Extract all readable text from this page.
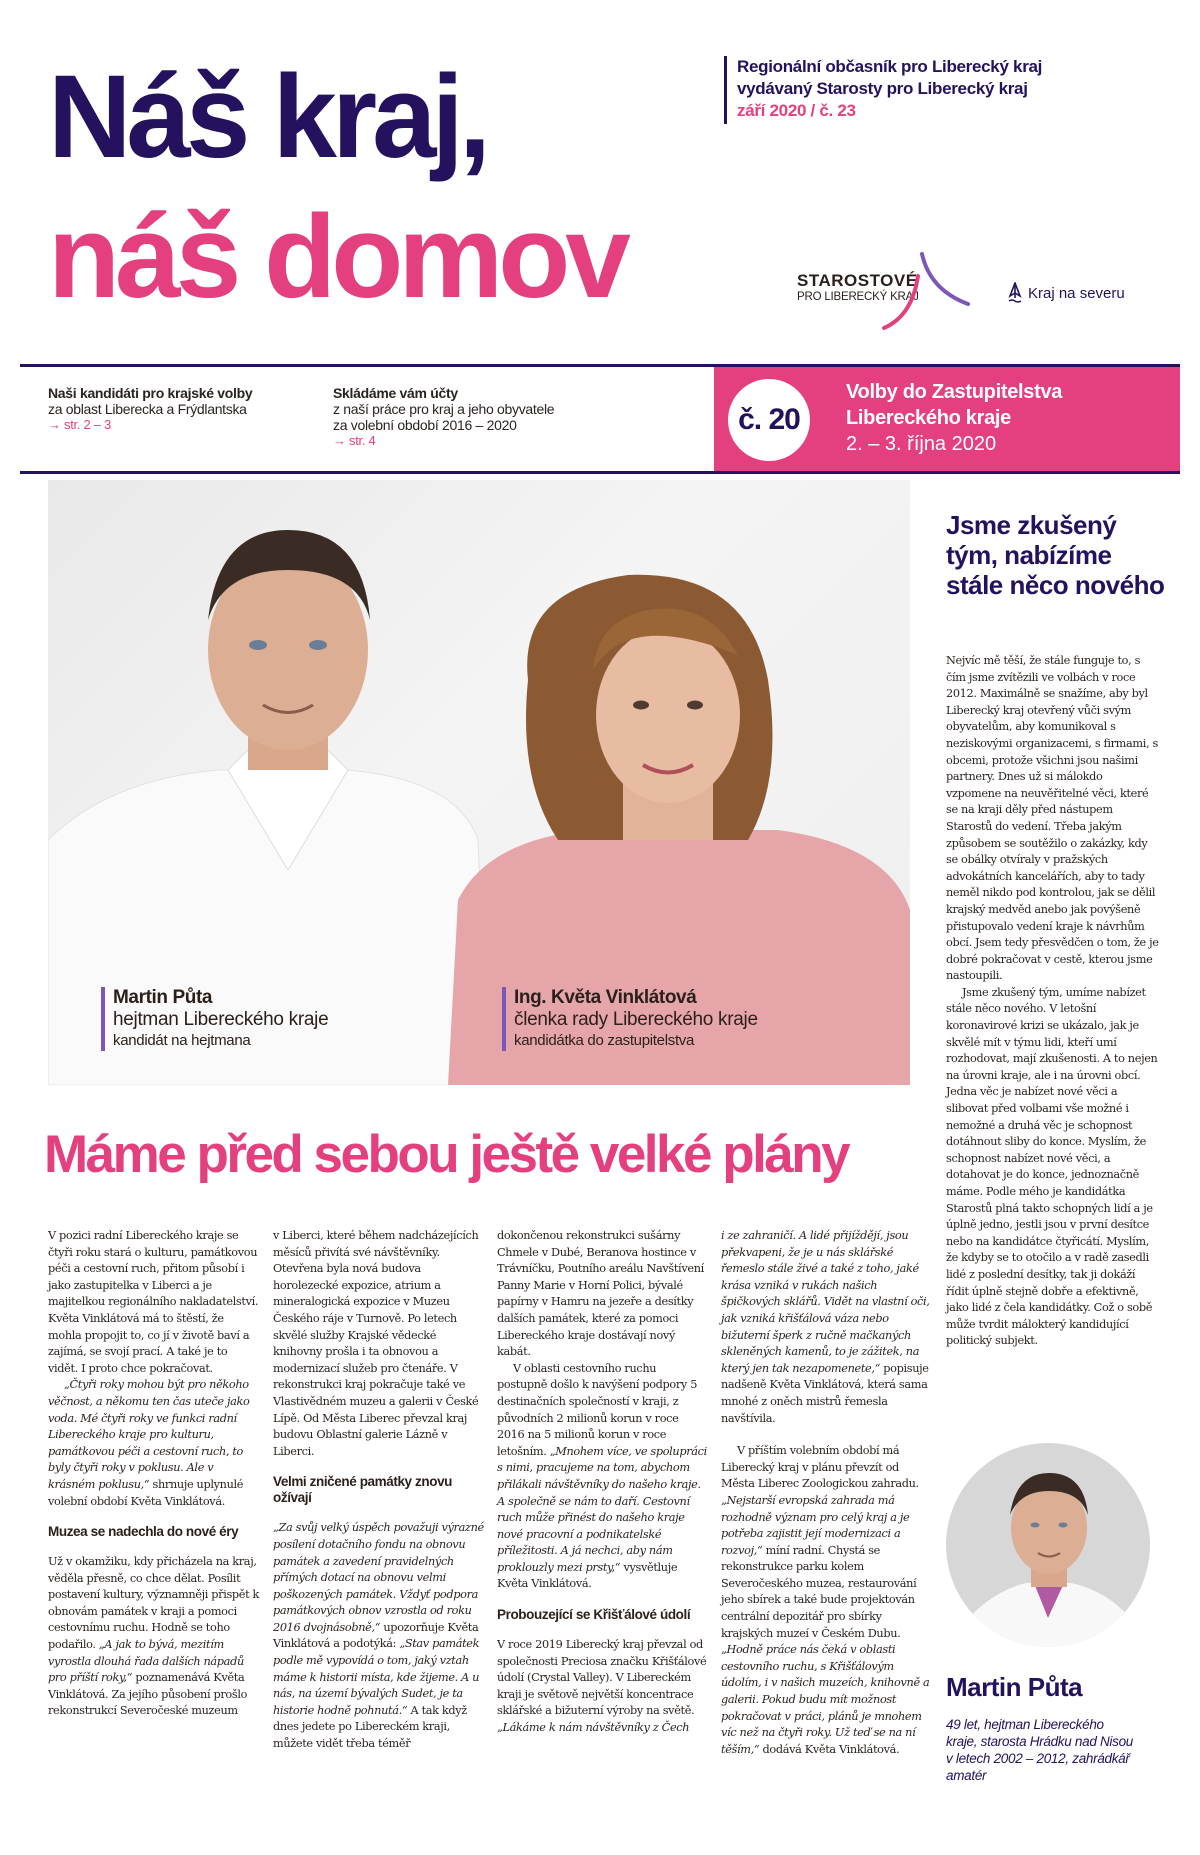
Náš kraj,
náš domov
Regionální občasník pro Liberecký kraj
vydávaný Starosty pro Liberecký kraj
září 2020 / č. 23
STAROSTOVÉ
PRO LIBERECKÝ KRAJ	Kraj na severu
Naši kandidáti pro krajské volby
za oblast Liberecka a Frýdlantska
→ str. 2 – 3
Skládáme vám účty
z naší práce pro kraj a jeho obyvatele
za volební období 2016 – 2020
→ str. 4
č. 20
Volby do Zastupitelstva
Libereckého kraje
2. – 3. října 2020
Martin Půta
hejtman Libereckého kraje
kandidát na hejtmana
Ing. Květa Vinklátová
členka rady Libereckého kraje
kandidátka do zastupitelstva
Jsme zkušený tým, nabízíme stále něco nového

Nejvíc mě těší, že stále funguje to, s čím jsme zvítězili ve volbách v roce 2012. Maximálně se snažíme, aby byl Liberecký kraj otevřený vůči svým obyvatelům, aby komunikoval s neziskovými organizacemi, s firmami, s obcemi, protože všichni jsou našimi partnery. Dnes už si málokdo vzpomene na neuvěřitelné věci, které se na kraji děly před nástupem Starostů do vedení. Třeba jakým způsobem se soutěžilo o zakázky, kdy se obálky otvíraly v pražských advokátních kancelářích, aby to tady neměl nikdo pod kontrolou, jak se dělil krajský medvěd anebo jak povýšeně přistupovalo vedení kraje k návrhům obcí. Jsem tedy přesvědčen o tom, že je dobré pokračovat v cestě, kterou jsme nastoupili.

Jsme zkušený tým, umíme nabízet stále něco nového. V letošní koronavirové krizi se ukázalo, jak je skvělé mít v týmu lidi, kteří umí rozhodovat, mají zkušenosti. A to nejen na úrovni kraje, ale i na úrovni obcí. Jedna věc je nabízet nové věci a slibovat před volbami vše možné i nemožné a druhá věc je schopnost dotáhnout sliby do konce. Myslím, že schopnost nabízet nové věci, a dotahovat je do konce, jednoznačně máme. Podle mého je kandidátka Starostů plná takto schopných lidí a je úplně jedno, jestli jsou v první desítce nebo na kandidátce čtyřicátí. Myslím, že kdyby se to otočilo a v radě zasedli lidé z poslední desítky, tak ji dokáží řídit úplně stejně dobře a efektivně, jako lidé z čela kandidátky. Což o sobě může tvrdit málokterý kandidující politický subjekt.

Martin Půta
49 let, hejtman Libereckého kraje, starosta Hrádku nad Nisou v letech 2002 – 2012, zahrádkář amatér
Máme před sebou ještě velké plány

V pozici radní Libereckého kraje se čtyři roku stará o kulturu, památkovou péči a cestovní ruch, přitom působí i jako zastupitelka v Liberci a je majitelkou regionálního nakladatelství. Květa Vinklátová má to štěstí, že mohla propojit to, co jí v životě baví a zajímá, se svojí prací. A také je to vidět. I proto chce pokračovat.

„Čtyři roky mohou být pro někoho věčnost, a někomu ten čas uteče jako voda. Mé čtyři roky ve funkci radní Libereckého kraje pro kulturu, památkovou péči a cestovní ruch, to byly čtyři roky v poklusu. Ale v krásném poklusu,“ shrnuje uplynulé volební období Květa Vinklátová.

Muzea se nadechla do nové éry

Už v okamžiku, kdy přicházela na kraj, věděla přesně, co chce dělat. Posílit postavení kultury, významněji přispět k obnovám památek v kraji a pomoci cestovnímu ruchu. Hodně se toho podařilo. „A jak to bývá, mezitím vyrostla dlouhá řada dalších nápadů pro příští roky,“ poznamenává Květa Vinklátová. Za jejího působení prošlo rekonstrukcí Severočeské muzeum

v Liberci, které během nadcházejících měsíců přivítá své návštěvníky. Otevřena byla nová budova horolezecké expozice, atrium a mineralogická expozice v Muzeu Českého ráje v Turnově. Po letech skvělé služby Krajské vědecké knihovny prošla i ta obnovou a modernizací služeb pro čtenáře. V rekonstrukci kraj pokračuje také ve Vlastivědném muzeu a galerii v České Lípě. Od Města Liberec převzal kraj budovu Oblastní galerie Lázně v Liberci.

Velmi zničené památky znovu ožívají

„Za svůj velký úspěch považuji výrazné posílení dotačního fondu na obnovu památek a zavedení pravidelných přímých dotací na obnovu velmi poškozených památek. Vždyť podpora památkových obnov vzrostla od roku 2016 dvojnásobně,“ upozorňuje Květa Vinklátová a podotýká: „Stav památek podle mě vypovídá o tom, jaký vztah máme k historii místa, kde žijeme. A u nás, na území bývalých Sudet, je ta historie hodně pohnutá.“ A tak když dnes jedete po Libereckém kraji, můžete vidět třeba téměř

dokončenou rekonstrukci sušárny Chmele v Dubé, Beranova hostince v Trávníčku, Poutního areálu Navštívení Panny Marie v Horní Polici, bývalé papírny v Hamru na jezeře a desítky dalších památek, které za pomoci Libereckého kraje dostávají nový kabát.

V oblasti cestovního ruchu postupně došlo k navýšení podpory 5 destinačních společností v kraji, z původních 2 milionů korun v roce 2016 na 5 milionů korun v roce letošním. „Mnohem více, ve spolupráci s nimi, pracujeme na tom, abychom přilákali návštěvníky do našeho kraje. A společně se nám to daří. Cestovní ruch může přinést do našeho kraje nové pracovní a podnikatelské příležitosti. A já nechci, aby nám proklouzly mezi prsty,“ vysvětluje Květa Vinklátová.

Probouzející se Křišťálové údolí

V roce 2019 Liberecký kraj převzal od společnosti Preciosa značku Křišťálové údolí (Crystal Valley). V Libereckém kraji je světově největší koncentrace sklářské a bižuterní výroby na světě. „Lákáme k nám návštěvníky z Čech

i ze zahraničí. A lidé přijíždějí, jsou překvapeni, že je u nás sklářské řemeslo stále živé a také z toho, jaké krása vzniká v rukách našich špičkových sklářů. Vidět na vlastní oči, jak vzniká křišťálová váza nebo bižuterní šperk z ručně mačkaných skleněných kamenů, to je zážitek, na který jen tak nezapomenete,“ popisuje nadšeně Květa Vinklátová, která sama mnohé z oněch mistrů řemesla navštívila.

V příštím volebním období má Liberecký kraj v plánu převzít od Města Liberec Zoologickou zahradu. „Nejstarší evropská zahrada má rozhodně význam pro celý kraj a je potřeba zajistit její modernizaci a rozvoj,“ míní radní. Chystá se rekonstrukce parku kolem Severočeského muzea, restaurování jeho sbírek a také bude projektován centrální depozitář pro sbírky krajských muzeí v Českém Dubu. „Hodně práce nás čeká v oblasti cestovního ruchu, s Křišťálovým údolím, i v našich muzeích, knihovně a galerii. Pokud budu mít možnost pokračovat v práci, plánů je mnohem víc než na čtyři roky. Už teď se na ní těším,“ dodává Květa Vinklátová.
